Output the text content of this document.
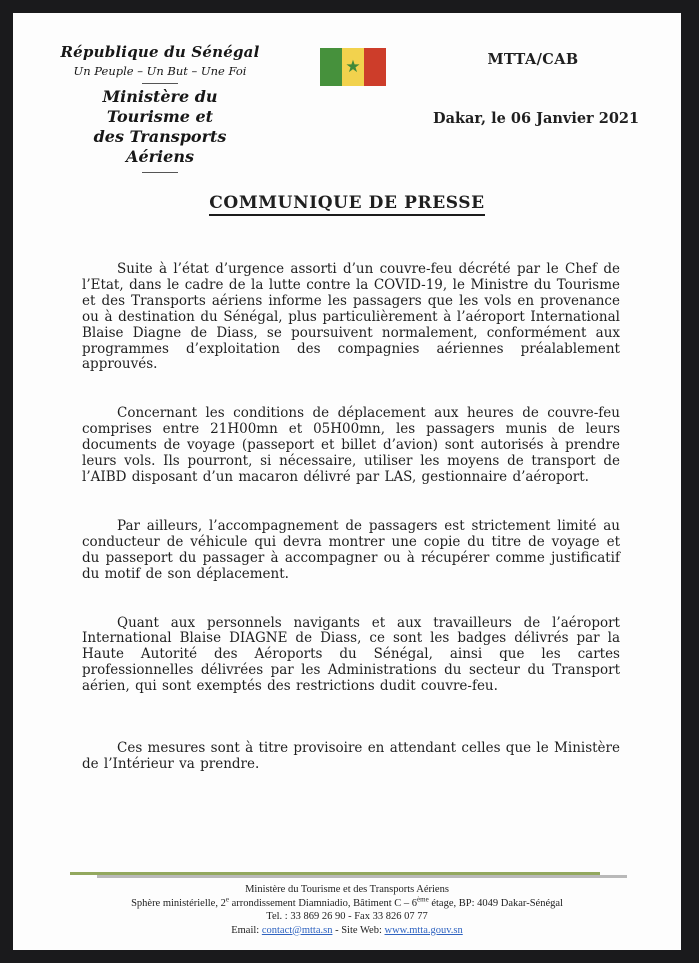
République du Sénégal
Un Peuple – Un But – Une Foi
Ministère du Tourisme et
des Transports Aériens
★	MTTA/CAB
Dakar, le 06 Janvier 2021
COMMUNIQUE DE PRESSE

Suite à l’état d’urgence assorti d’un couvre-feu décrété par le Chef de l’Etat, dans le cadre de la lutte contre la COVID-19, le Ministre du Tourisme et des Transports aériens informe les passagers que les vols en provenance ou à destination du Sénégal, plus particulièrement à l’aéroport International Blaise Diagne de Diass, se poursuivent normalement, conformément aux programmes d’exploitation des compagnies aériennes préalablement approuvés.

Concernant les conditions de déplacement aux heures de couvre-feu comprises entre 21H00mn et 05H00mn, les passagers munis de leurs documents de voyage (passeport et billet d’avion) sont autorisés à prendre leurs vols. Ils pourront, si nécessaire, utiliser les moyens de transport de l’AIBD disposant d’un macaron délivré par LAS, gestionnaire d’aéroport.

Par ailleurs, l’accompagnement de passagers est strictement limité au conducteur de véhicule qui devra montrer une copie du titre de voyage et du passeport du passager à accompagner ou à récupérer comme justificatif du motif de son déplacement.

Quant aux personnels navigants et aux travailleurs de l’aéroport International Blaise DIAGNE de Diass, ce sont les badges délivrés par la Haute Autorité des Aéroports du Sénégal, ainsi que les cartes professionnelles délivrées par les Administrations du secteur du Transport aérien, qui sont exemptés des restrictions dudit couvre-feu.

Ces mesures sont à titre provisoire en attendant celles que le Ministère de l’Intérieur va prendre.

Ministère du Tourisme et des Transports Aériens
Sphère ministérielle, 2e arrondissement Diamniadio, Bâtiment C – 6ème étage, BP: 4049 Dakar-Sénégal
Tel. : 33 869 26 90 - Fax 33 826 07 77
Email: contact@mtta.sn - Site Web: www.mtta.gouv.sn
